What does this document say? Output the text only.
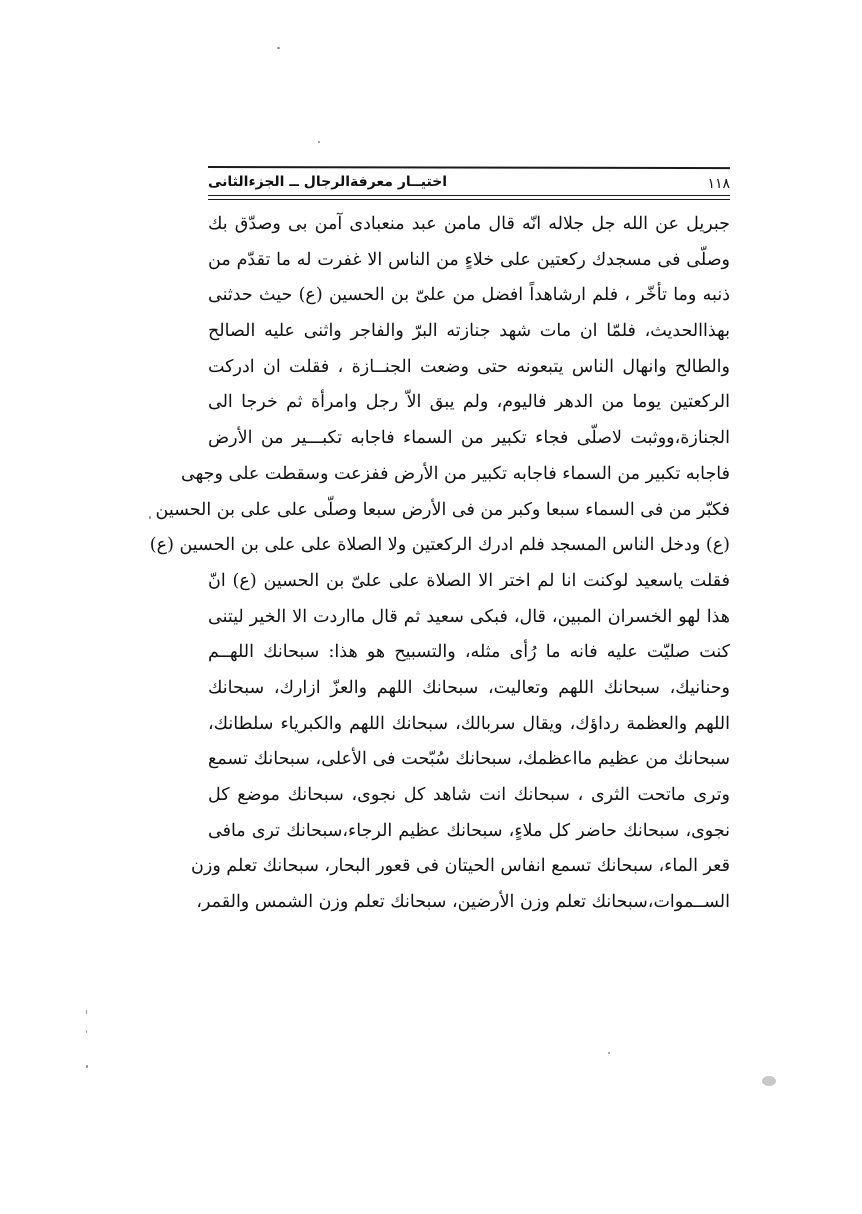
اختيــار معرفةالرجال ــ الجزءالثانى	١١٨
جبريل عن الله جل جلاله انّه قال مامن عبد منعبادى آمن بى وصدّق بك
وصلّى فى مسجدك ركعتين على خلاءٍ من الناس الا غفرت له ما تقدّم من
ذنبه وما تأخّر ، فلم ارشاهداً افضل من علىّ بن الحسين (ع) حيث حدثنى
بهذاالحديث، فلمّا ان مات شهد جنازته البرّ والفاجر واثنى عليه الصالح
والطالح وانهال الناس يتبعونه حتى وضعت الجنــازة ، فقلت ان ادركت
الركعتين يوما من الدهر فاليوم، ولم يبق الاّ رجل وامرأة ثم خرجا الى
الجنازة،ووثبت لاصلّى فجاء تكبير من السماء فاجابه تكبـــير من الأرض
فاجابه تكبير من السماء فاجابه تكبير من الأرض ففزعت وسقطت على وجهى
فكبّر من فى السماء سبعا وكبر من فى الأرض سبعا وصلّى على على بن الحسين
(ع) ودخل الناس المسجد فلم ادرك الركعتين ولا الصلاة على على بن الحسين (ع)
فقلت ياسعيد لوكنت انا لم اختر الا الصلاة على علىّ بن الحسين (ع) انّ
هذا لهو الخسران المبين، قال، فبكى سعيد ثم قال مااردت الا الخير ليتنى
كنت صليّت عليه فانه ما رُأى مثله، والتسبيح هو هذا: سبحانك اللهــم
وحنانيك، سبحانك اللهم وتعاليت، سبحانك اللهم والعزّ ازارك، سبحانك
اللهم والعظمة رداؤك، ويقال سربالك، سبحانك اللهم والكبرياء سلطانك،
سبحانك من عظيم مااعظمك، سبحانك سُبّحت فى الأعلى، سبحانك تسمع
وترى ماتحت الثرى ، سبحانك انت شاهد كل نجوى، سبحانك موضع كل
نجوى، سبحانك حاضر كل ملاءٍ، سبحانك عظيم الرجاء،سبحانك ترى مافى
قعر الماء، سبحانك تسمع انفاس الحيتان فى قعور البحار، سبحانك تعلم وزن
الســموات،سبحانك تعلم وزن الأرضين، سبحانك تعلم وزن الشمس والقمر،
